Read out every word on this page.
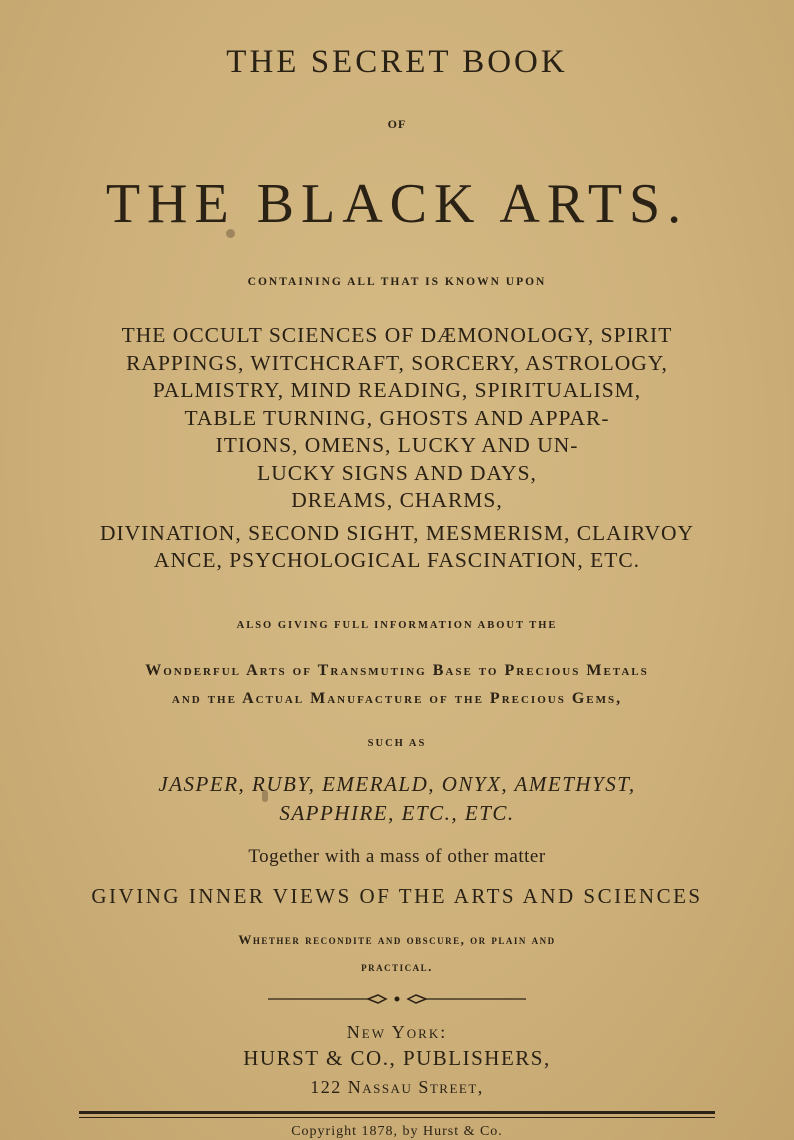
THE SECRET BOOK
OF
THE BLACK ARTS.
CONTAINING ALL THAT IS KNOWN UPON
THE OCCULT SCIENCES OF DÆMONOLOGY, SPIRIT
RAPPINGS, WITCHCRAFT, SORCERY, ASTROLOGY,
PALMISTRY, MIND READING, SPIRITUALISM,
TABLE TURNING, GHOSTS AND APPAR-
ITIONS, OMENS, LUCKY AND UN-
LUCKY SIGNS AND DAYS,
DREAMS, CHARMS,
DIVINATION, SECOND SIGHT, MESMERISM, CLAIRVOY
ANCE, PSYCHOLOGICAL FASCINATION, ETC.
ALSO GIVING FULL INFORMATION ABOUT THE
Wonderful Arts of Transmuting Base to Precious Metals
and the Actual Manufacture of the Precious Gems,
SUCH AS
JASPER, RUBY, EMERALD, ONYX, AMETHYST,
SAPPHIRE, ETC., ETC.
Together with a mass of other matter
GIVING INNER VIEWS OF THE ARTS AND SCIENCES
Whether recondite and obscure, or plain and
practical.
New York:
HURST & CO., PUBLISHERS,
122 Nassau Street,
Copyright 1878, by Hurst & Co.
